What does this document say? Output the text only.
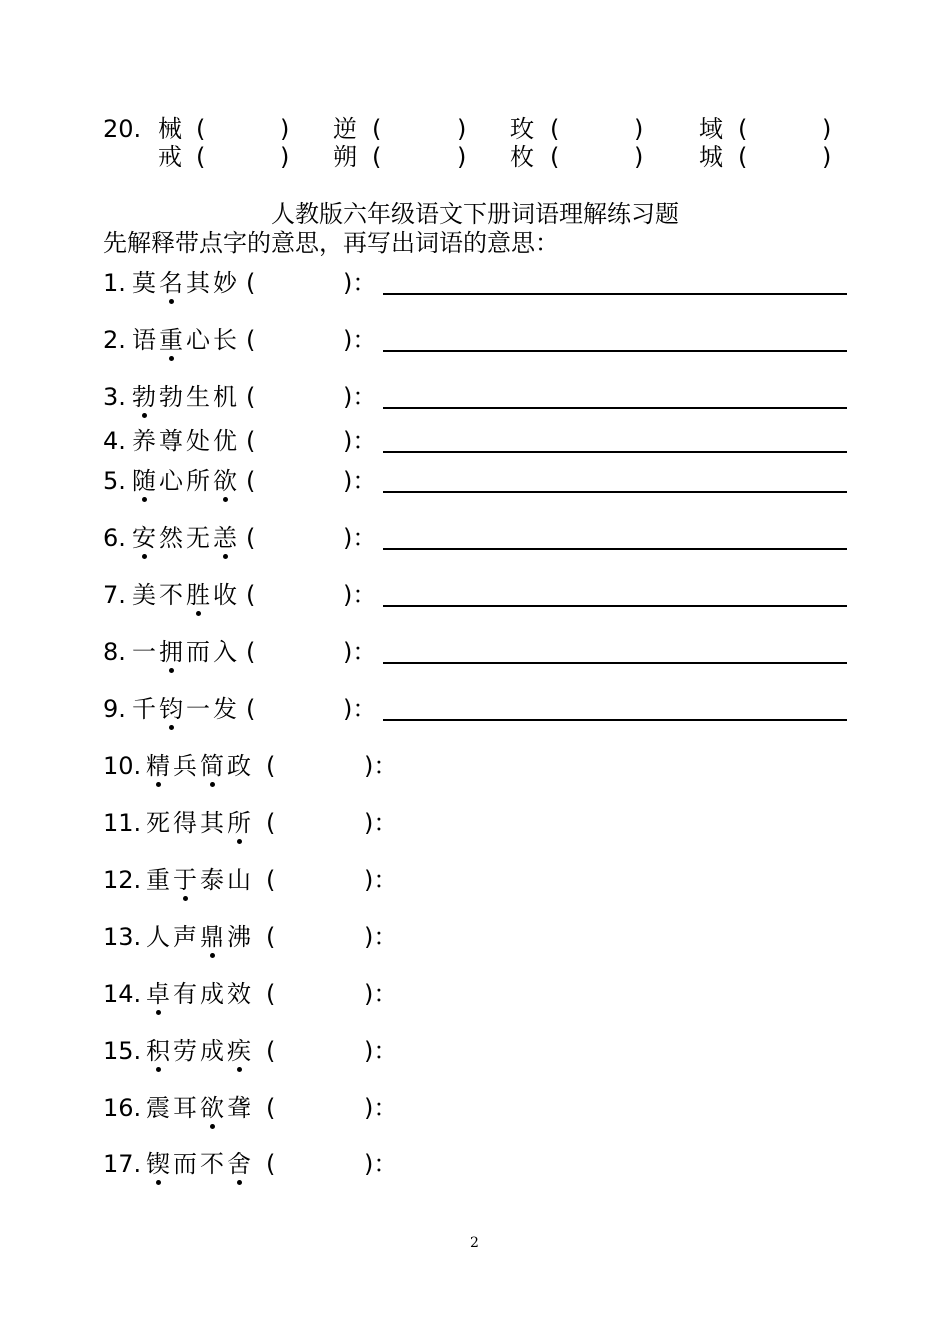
20. 械 (	) 逆 (	) 玫 (	) 域 (	)
戒 (	) 朔 (	) 枚 (	) 城 (	)
人教版六年级语文下册词语理解练习题
先解释带点字的意思，再写出词语的意思：
1. 莫 名 其 妙 (	)：
2. 语 重 心 长 (	)：
3. 勃 勃 生 机 (	)：
4. 养 尊 处 优 (	)：
5. 随 心 所 欲 (	)：
6. 安 然 无 恙 (	)：
7. 美 不 胜 收 (	)：
8. 一 拥 而 入 (	)：
9. 千 钧 一 发 (	)：
10. 精 兵 简 政 (	)：
11. 死 得 其 所 (	)：
12. 重 于 泰 山 (	)：
13. 人 声 鼎 沸 (	)：
14. 卓 有 成 效 (	)：
15. 积 劳 成 疾 (	)：
16. 震 耳 欲 聋 (	)：
17. 锲 而 不 舍 (	)：
2
